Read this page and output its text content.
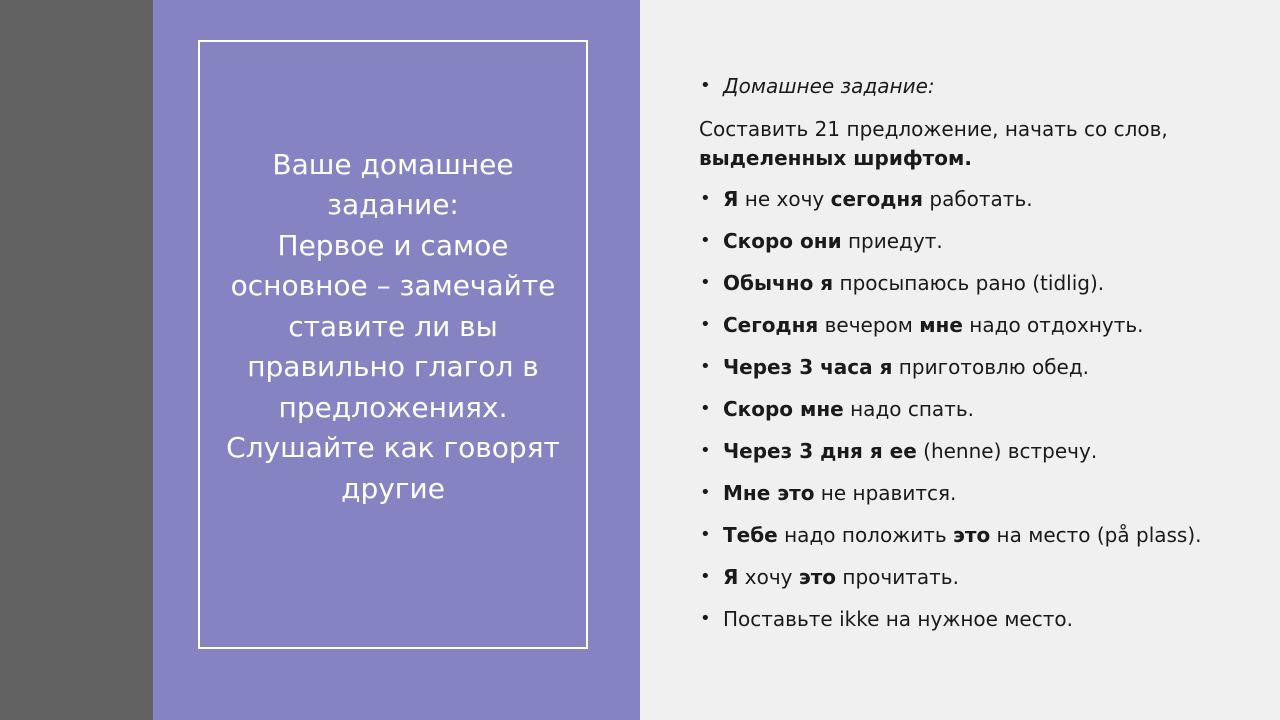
Ваше домашнее
задание:
Первое и самое
основное – замечайте
ставите ли вы
правильно глагол в
предложениях.
Слушайте как говорят
другие
• Домашнее задание:
Составить 21 предложение, начать со слов,
выделенных шрифтом.
• Я не хочу сегодня работать.
• Скоро они приедут.
• Обычно я просыпаюсь рано (tidlig).
• Сегодня вечером мне надо отдохнуть.
• Через 3 часа я приготовлю обед.
• Скоро мне надо спать.
• Через 3 дня я ее (henne) встречу.
• Мне это не нравится.
• Тебе надо положить это на место (på plass).
• Я хочу это прочитать.
• Поставьте ikke на нужное место.
